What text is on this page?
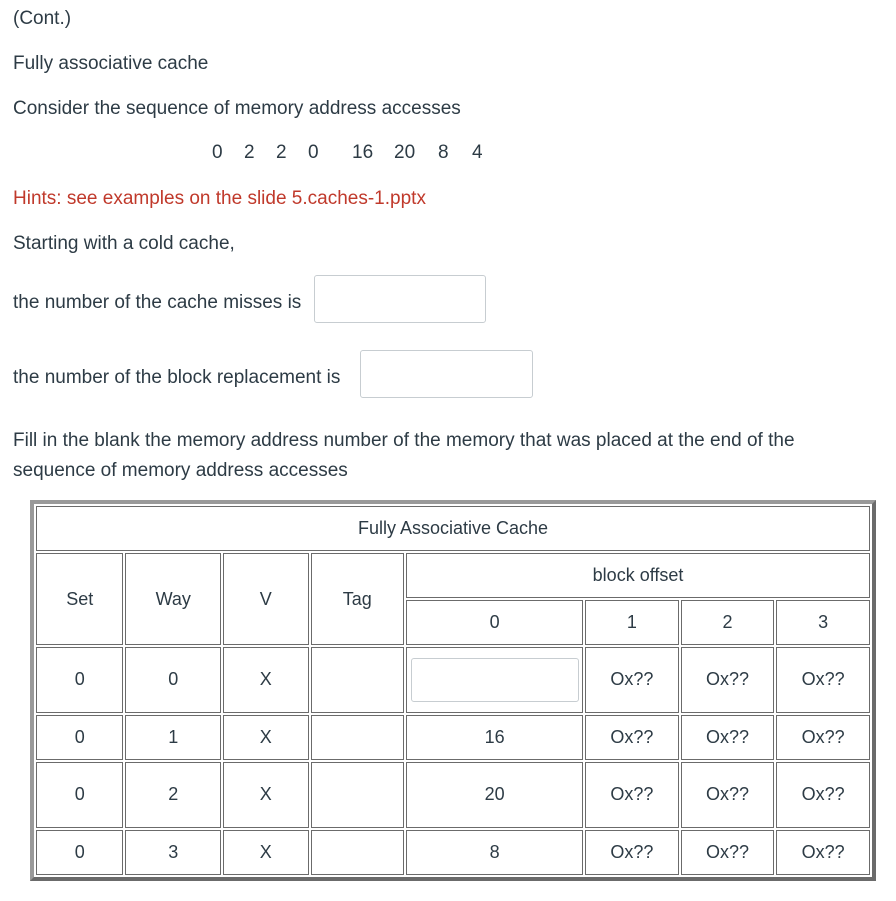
(Cont.)
Fully associative cache
Consider the sequence of memory address accesses
0 2 2 0 16 20 8 4
Hints: see examples on the slide 5.caches-1.pptx
Starting with a cold cache,
the number of the cache misses is
the number of the block replacement is
Fill in the blank the memory address number of the memory that was placed at the end of the sequence of memory address accesses
Fully Associative Cache							
Set	Way	V	Tag	block offset			
				0	1	2	3
0	0	X			Ox??	Ox??	Ox??
0	1	X		16	Ox??	Ox??	Ox??
0	2	X		20	Ox??	Ox??	Ox??
0	3	X		8	Ox??	Ox??	Ox??
